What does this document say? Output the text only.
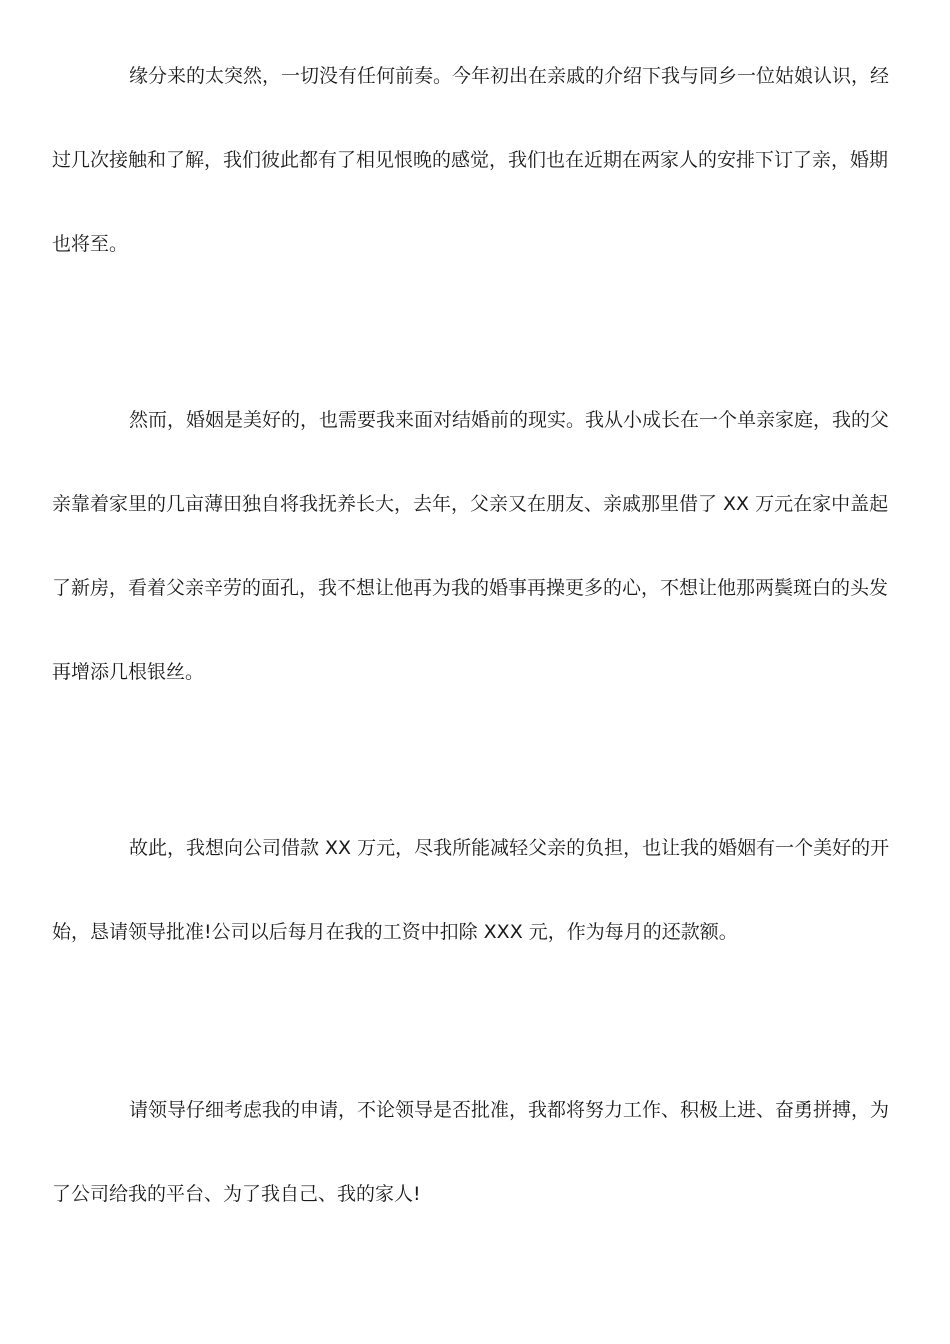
缘分来的太突然，一切没有任何前奏。今年初出在亲戚的介绍下我与同乡一位姑娘认识，经
过几次接触和了解，我们彼此都有了相见恨晚的感觉，我们也在近期在两家人的安排下订了亲，婚期
也将至。
然而，婚姻是美好的，也需要我来面对结婚前的现实。我从小成长在一个单亲家庭，我的父
亲靠着家里的几亩薄田独自将我抚养长大，去年，父亲又在朋友、亲戚那里借了 XX 万元在家中盖起
了新房，看着父亲辛劳的面孔，我不想让他再为我的婚事再操更多的心，不想让他那两鬓斑白的头发
再增添几根银丝。
故此，我想向公司借款 XX 万元，尽我所能减轻父亲的负担，也让我的婚姻有一个美好的开
始，恳请领导批准!公司以后每月在我的工资中扣除 XXX 元，作为每月的还款额。
请领导仔细考虑我的申请，不论领导是否批准，我都将努力工作、积极上进、奋勇拼搏，为
了公司给我的平台、为了我自己、我的家人!
